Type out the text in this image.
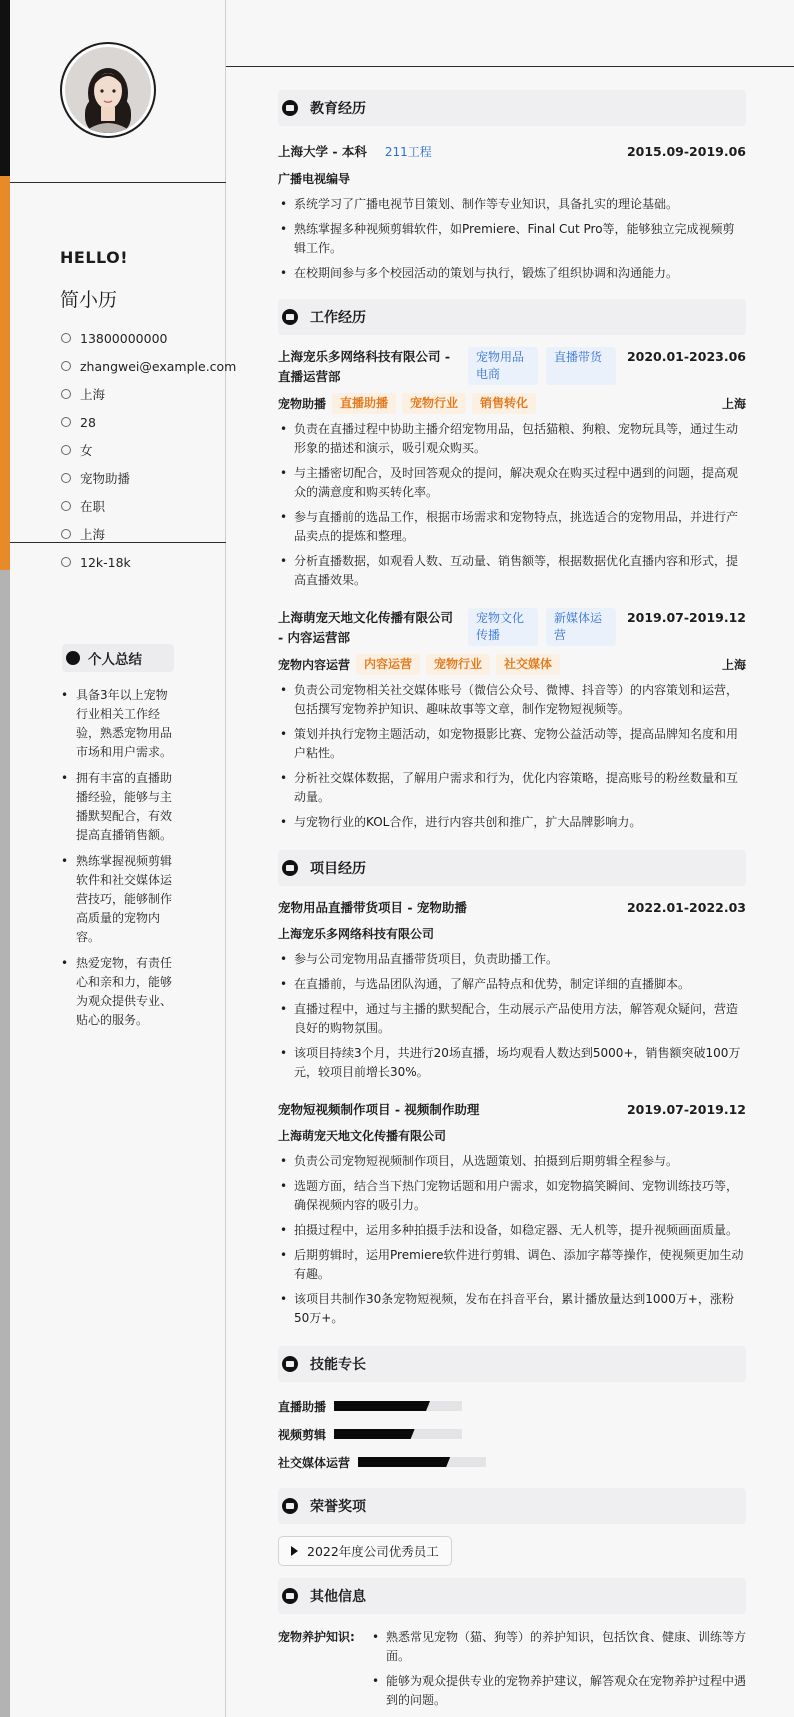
HELLO!
简小历
13800000000
zhangwei@example.com
上海
28
女
宠物助播
在职
上海
12k-18k
个人总结
• 具备3年以上宠物行业相关工作经验，熟悉宠物用品市场和用户需求。
• 拥有丰富的直播助播经验，能够与主播默契配合，有效提高直播销售额。
• 熟练掌握视频剪辑软件和社交媒体运营技巧，能够制作高质量的宠物内容。
• 热爱宠物，有责任心和亲和力，能够为观众提供专业、贴心的服务。
教育经历
上海大学 - 本科	211工程	2015.09-2019.06
广播电视编导
• 系统学习了广播电视节目策划、制作等专业知识，具备扎实的理论基础。
• 熟练掌握多种视频剪辑软件，如Premiere、Final Cut Pro等，能够独立完成视频剪辑工作。
• 在校期间参与多个校园活动的策划与执行，锻炼了组织协调和沟通能力。
工作经历
上海宠乐多网络科技有限公司 - 直播运营部
宠物用品电商
直播带货	2020.01-2023.06
宠物助播	直播助播	宠物行业	销售转化	上海
• 负责在直播过程中协助主播介绍宠物用品，包括猫粮、狗粮、宠物玩具等，通过生动形象的描述和演示，吸引观众购买。
• 与主播密切配合，及时回答观众的提问，解决观众在购买过程中遇到的问题，提高观众的满意度和购买转化率。
• 参与直播前的选品工作，根据市场需求和宠物特点，挑选适合的宠物用品，并进行产品卖点的提炼和整理。
• 分析直播数据，如观看人数、互动量、销售额等，根据数据优化直播内容和形式，提高直播效果。
上海萌宠天地文化传播有限公司 - 内容运营部
宠物文化传播
新媒体运营
2019.07-2019.12
宠物内容运营	内容运营	宠物行业	社交媒体	上海
• 负责公司宠物相关社交媒体账号（微信公众号、微博、抖音等）的内容策划和运营，包括撰写宠物养护知识、趣味故事等文章，制作宠物短视频等。
• 策划并执行宠物主题活动，如宠物摄影比赛、宠物公益活动等，提高品牌知名度和用户粘性。
• 分析社交媒体数据，了解用户需求和行为，优化内容策略，提高账号的粉丝数量和互动量。
• 与宠物行业的KOL合作，进行内容共创和推广，扩大品牌影响力。
项目经历
宠物用品直播带货项目 - 宠物助播	2022.01-2022.03
上海宠乐多网络科技有限公司
• 参与公司宠物用品直播带货项目，负责助播工作。
• 在直播前，与选品团队沟通，了解产品特点和优势，制定详细的直播脚本。
• 直播过程中，通过与主播的默契配合，生动展示产品使用方法，解答观众疑问，营造良好的购物氛围。
• 该项目持续3个月，共进行20场直播，场均观看人数达到5000+，销售额突破100万元，较项目前增长30%。
宠物短视频制作项目 - 视频制作助理	2019.07-2019.12
上海萌宠天地文化传播有限公司
• 负责公司宠物短视频制作项目，从选题策划、拍摄到后期剪辑全程参与。
• 选题方面，结合当下热门宠物话题和用户需求，如宠物搞笑瞬间、宠物训练技巧等，确保视频内容的吸引力。
• 拍摄过程中，运用多种拍摄手法和设备，如稳定器、无人机等，提升视频画面质量。
• 后期剪辑时，运用Premiere软件进行剪辑、调色、添加字幕等操作，使视频更加生动有趣。
• 该项目共制作30条宠物短视频，发布在抖音平台，累计播放量达到1000万+，涨粉50万+。
技能专长
直播助播
视频剪辑
社交媒体运营
荣誉奖项
2022年度公司优秀员工
其他信息
宠物养护知识:
•	熟悉常见宠物（猫、狗等）的养护知识，包括饮食、健康、训练等方面。
• 能够为观众提供专业的宠物养护建议，解答观众在宠物养护过程中遇到的问题。
